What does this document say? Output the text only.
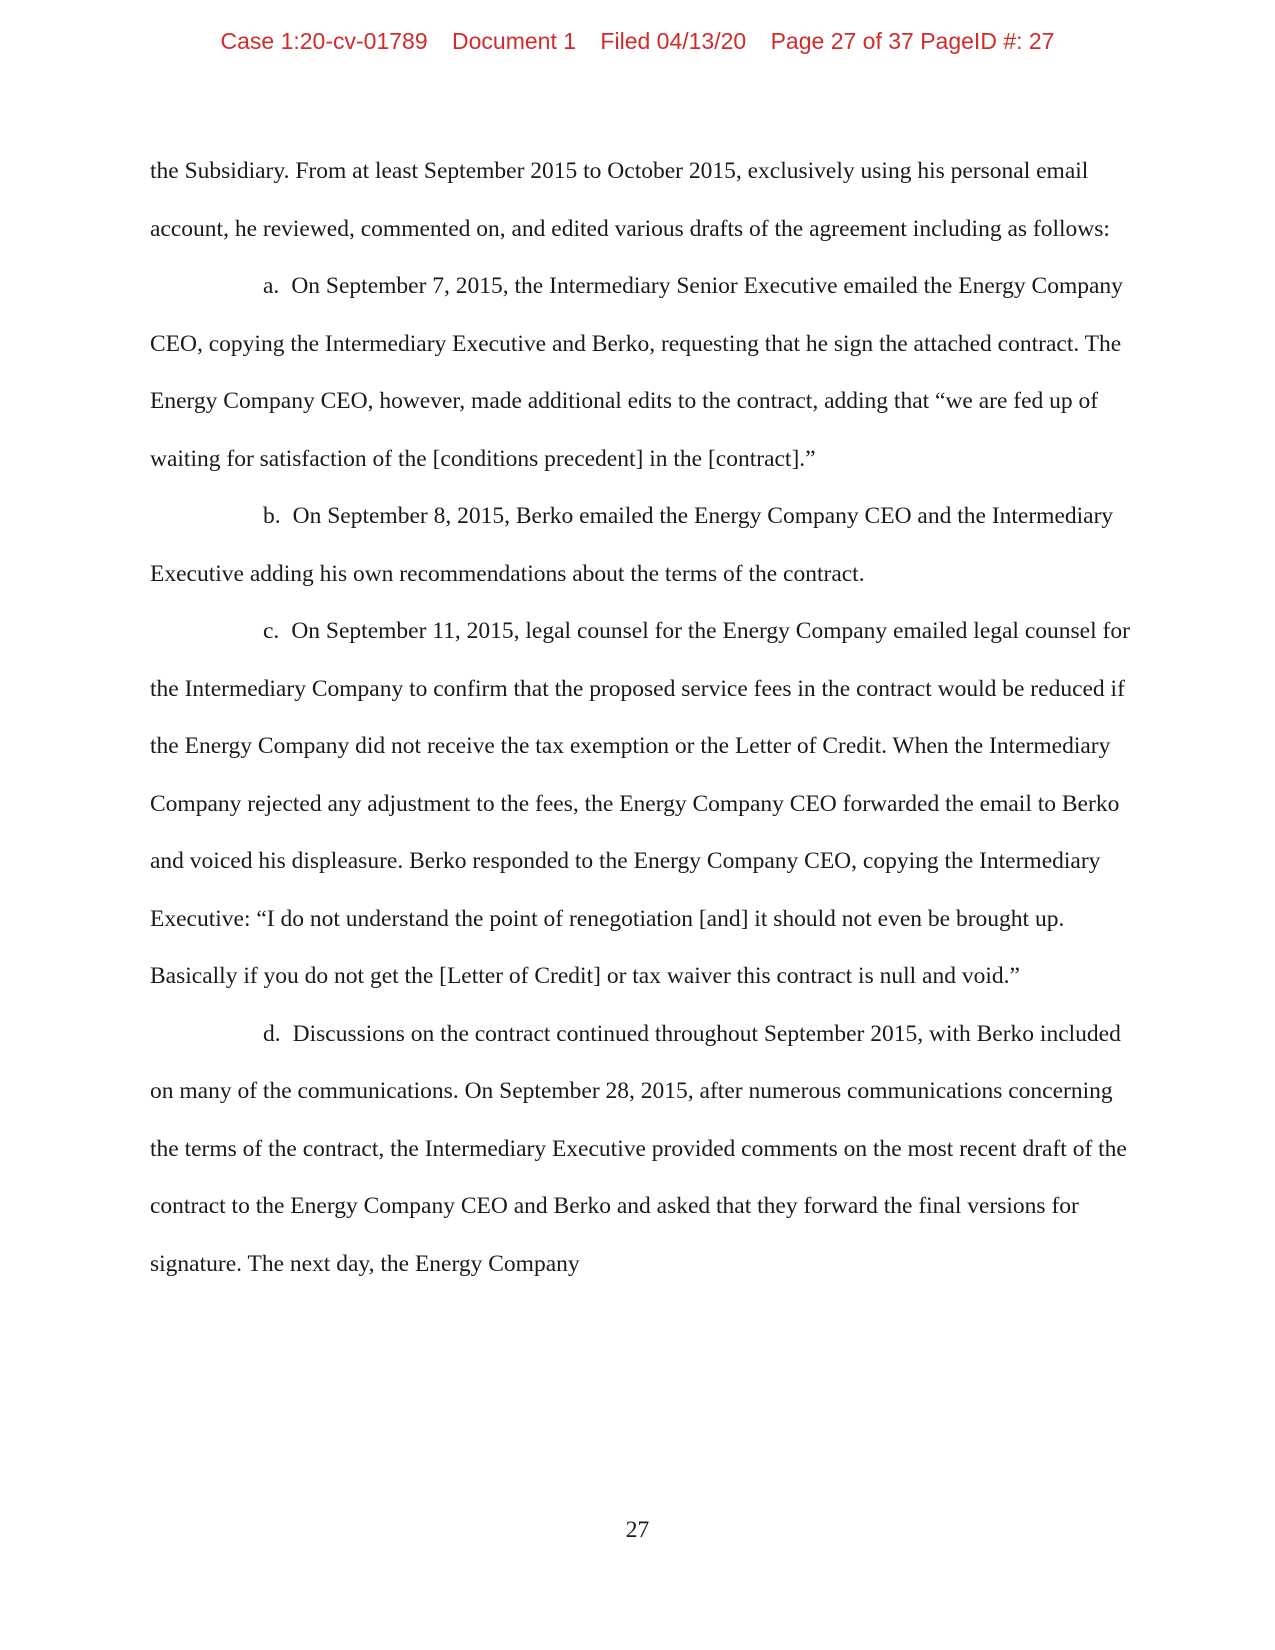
Case 1:20-cv-01789 Document 1 Filed 04/13/20 Page 27 of 37 PageID #: 27

the Subsidiary. From at least September 2015 to October 2015, exclusively using his personal email account, he reviewed, commented on, and edited various drafts of the agreement including as follows:

a. On September 7, 2015, the Intermediary Senior Executive emailed the Energy Company CEO, copying the Intermediary Executive and Berko, requesting that he sign the attached contract. The Energy Company CEO, however, made additional edits to the contract, adding that “we are fed up of waiting for satisfaction of the [conditions precedent] in the [contract].”

b. On September 8, 2015, Berko emailed the Energy Company CEO and the Intermediary Executive adding his own recommendations about the terms of the contract.

c. On September 11, 2015, legal counsel for the Energy Company emailed legal counsel for the Intermediary Company to confirm that the proposed service fees in the contract would be reduced if the Energy Company did not receive the tax exemption or the Letter of Credit. When the Intermediary Company rejected any adjustment to the fees, the Energy Company CEO forwarded the email to Berko and voiced his displeasure. Berko responded to the Energy Company CEO, copying the Intermediary Executive: “I do not understand the point of renegotiation [and] it should not even be brought up. Basically if you do not get the [Letter of Credit] or tax waiver this contract is null and void.”

d. Discussions on the contract continued throughout September 2015, with Berko included on many of the communications. On September 28, 2015, after numerous communications concerning the terms of the contract, the Intermediary Executive provided comments on the most recent draft of the contract to the Energy Company CEO and Berko and asked that they forward the final versions for signature. The next day, the Energy Company

27
